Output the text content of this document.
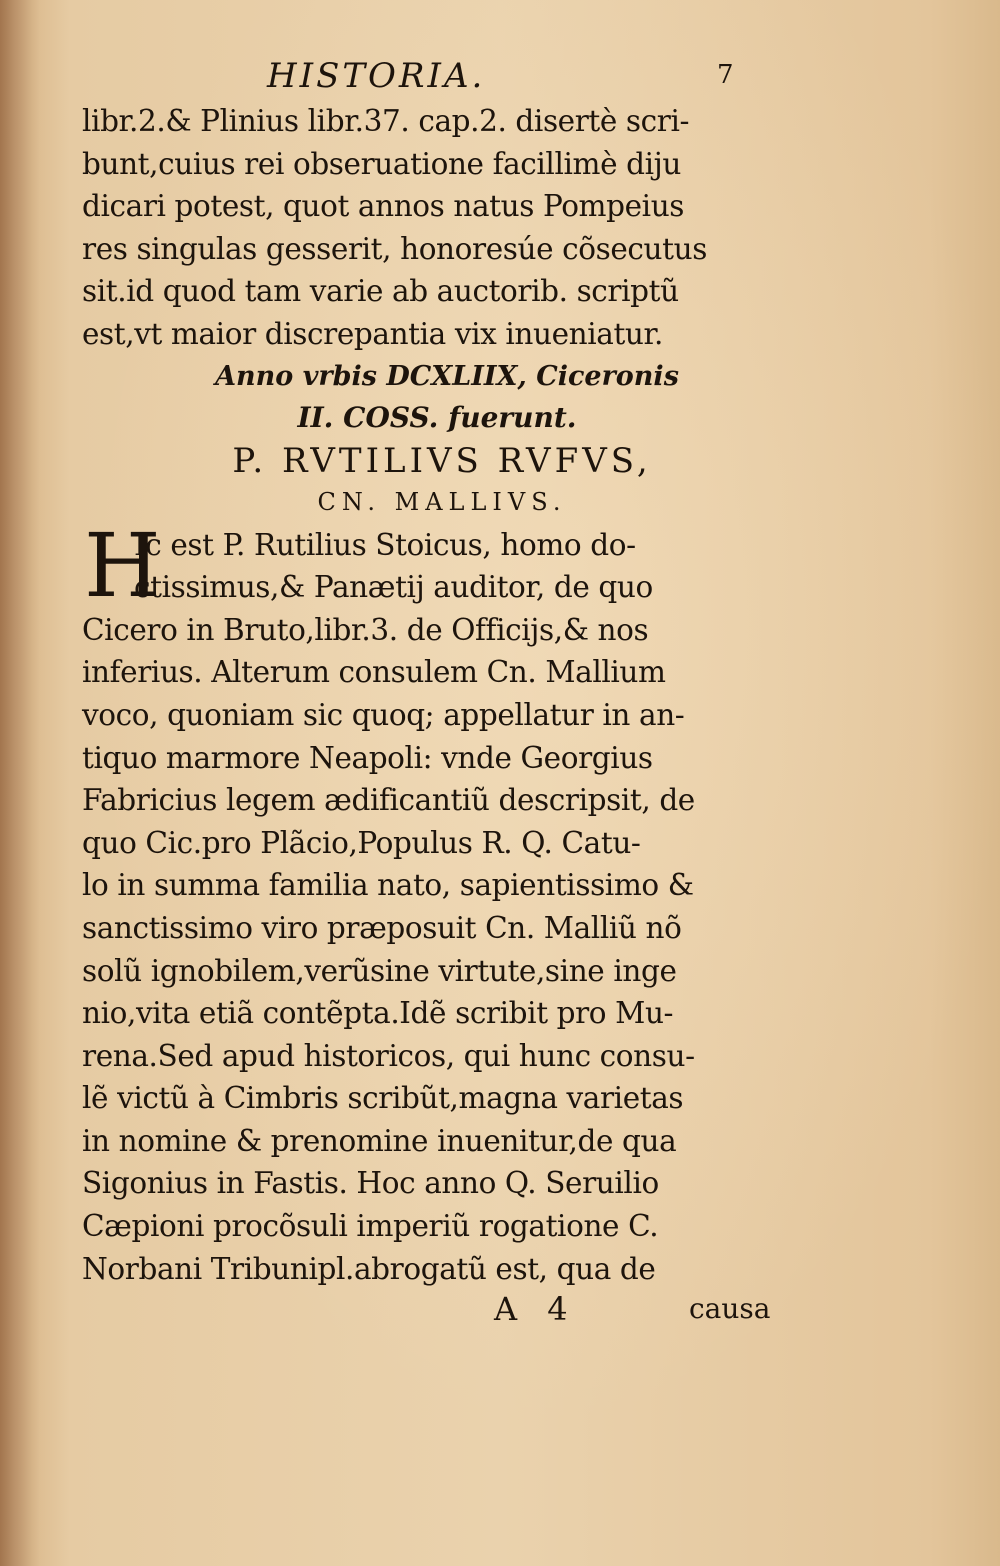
HISTORIA.	7
libr.2.& Plinius libr.37. cap.2. disertè scri-
bunt,cuius rei obseruatione facillimè diju
dicari potest, quot annos natus Pompeius
res singulas gesserit, honoresúe cõsecutus
sit.id quod tam varie ab auctorib. scriptũ
est,vt maior discrepantia vix inueniatur.
Anno vrbis DCXLIIX, Ciceronis
II. COSS. fuerunt.
P. RVTILIVS RVFVS,
CN. MALLIVS.
H
Ic est P. Rutilius Stoicus, homo do-
ctissimus,& Panætij auditor, de quo
Cicero in Bruto,libr.3. de Officijs,& nos
inferius. Alterum consulem Cn. Mallium
voco, quoniam sic quoq; appellatur in an-
tiquo marmore Neapoli: vnde Georgius
Fabricius legem ædificantiũ descripsit, de
quo Cic.pro Plãcio,Populus R. Q. Catu-
lo in summa familia nato, sapientissimo &
sanctissimo viro præposuit Cn. Malliũ nõ
solũ ignobilem,verũsine virtute,sine inge
nio,vita etiã contẽpta.Idẽ scribit pro Mu-
rena.Sed apud historicos, qui hunc consu-
lẽ victũ à Cimbris scribũt,magna varietas
in nomine & prenomine inuenitur,de qua
Sigonius in Fastis. Hoc anno Q. Seruilio
Cæpioni procõsuli imperiũ rogatione C.
Norbani Tribunipl.abrogatũ est, qua de
A 4	causa
